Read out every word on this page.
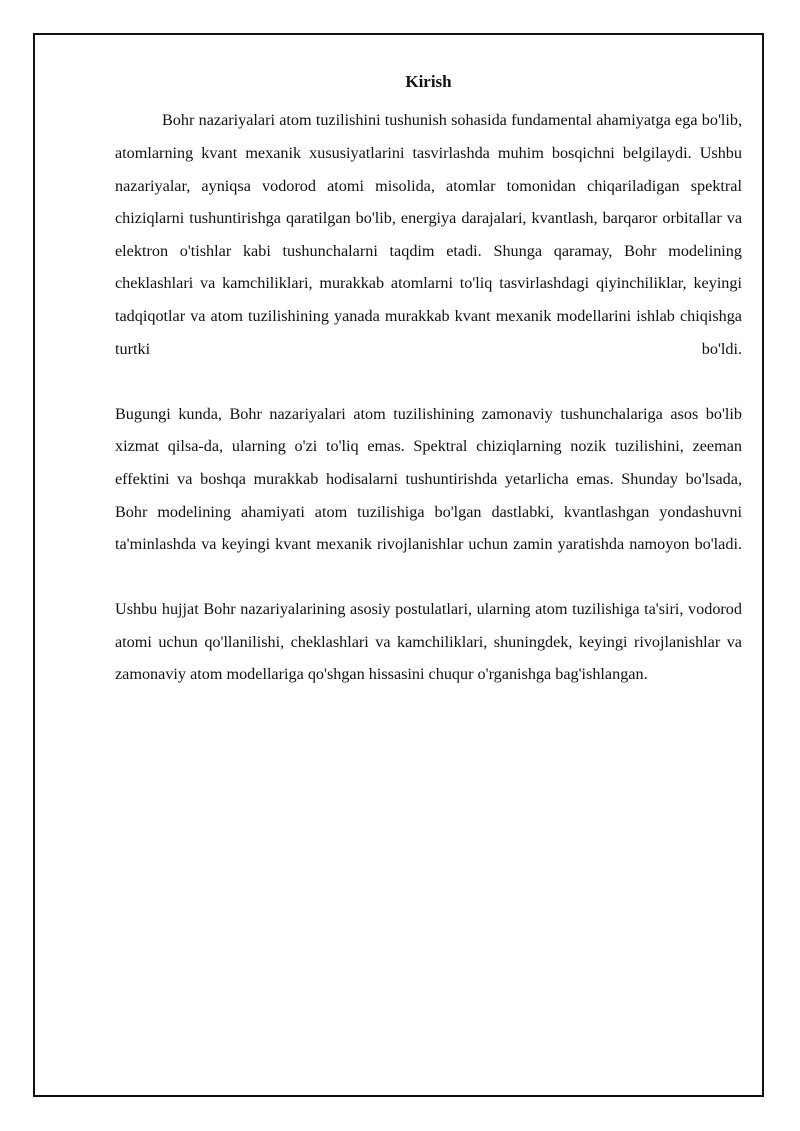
Kirish

Bohr nazariyalari atom tuzilishini tushunish sohasida fundamental ahamiyatga ega bo'lib, atomlarning kvant mexanik xususiyatlarini tasvirlashda muhim bosqichni belgilaydi. Ushbu nazariyalar, ayniqsa vodorod atomi misolida, atomlar tomonidan chiqariladigan spektral chiziqlarni tushuntirishga qaratilgan bo'lib, energiya darajalari, kvantlash, barqaror orbitallar va elektron o'tishlar kabi tushunchalarni taqdim etadi. Shunga qaramay, Bohr modelining cheklashlari va kamchiliklari, murakkab atomlarni to'liq tasvirlashdagi qiyinchiliklar, keyingi tadqiqotlar va atom tuzilishining yanada murakkab kvant mexanik modellarini ishlab chiqishga turtki bo'ldi.

Bugungi kunda, Bohr nazariyalari atom tuzilishining zamonaviy tushunchalariga asos bo'lib xizmat qilsa-da, ularning o'zi to'liq emas. Spektral chiziqlarning nozik tuzilishini, zeeman effektini va boshqa murakkab hodisalarni tushuntirishda yetarlicha emas. Shunday bo'lsada, Bohr modelining ahamiyati atom tuzilishiga bo'lgan dastlabki, kvantlashgan yondashuvni ta'minlashda va keyingi kvant mexanik rivojlanishlar uchun zamin yaratishda namoyon bo'ladi.

Ushbu hujjat Bohr nazariyalarining asosiy postulatlari, ularning atom tuzilishiga ta'siri, vodorod atomi uchun qo'llanilishi, cheklashlari va kamchiliklari, shuningdek, keyingi rivojlanishlar va zamonaviy atom modellariga qo'shgan hissasini chuqur o'rganishga bag'ishlangan.
